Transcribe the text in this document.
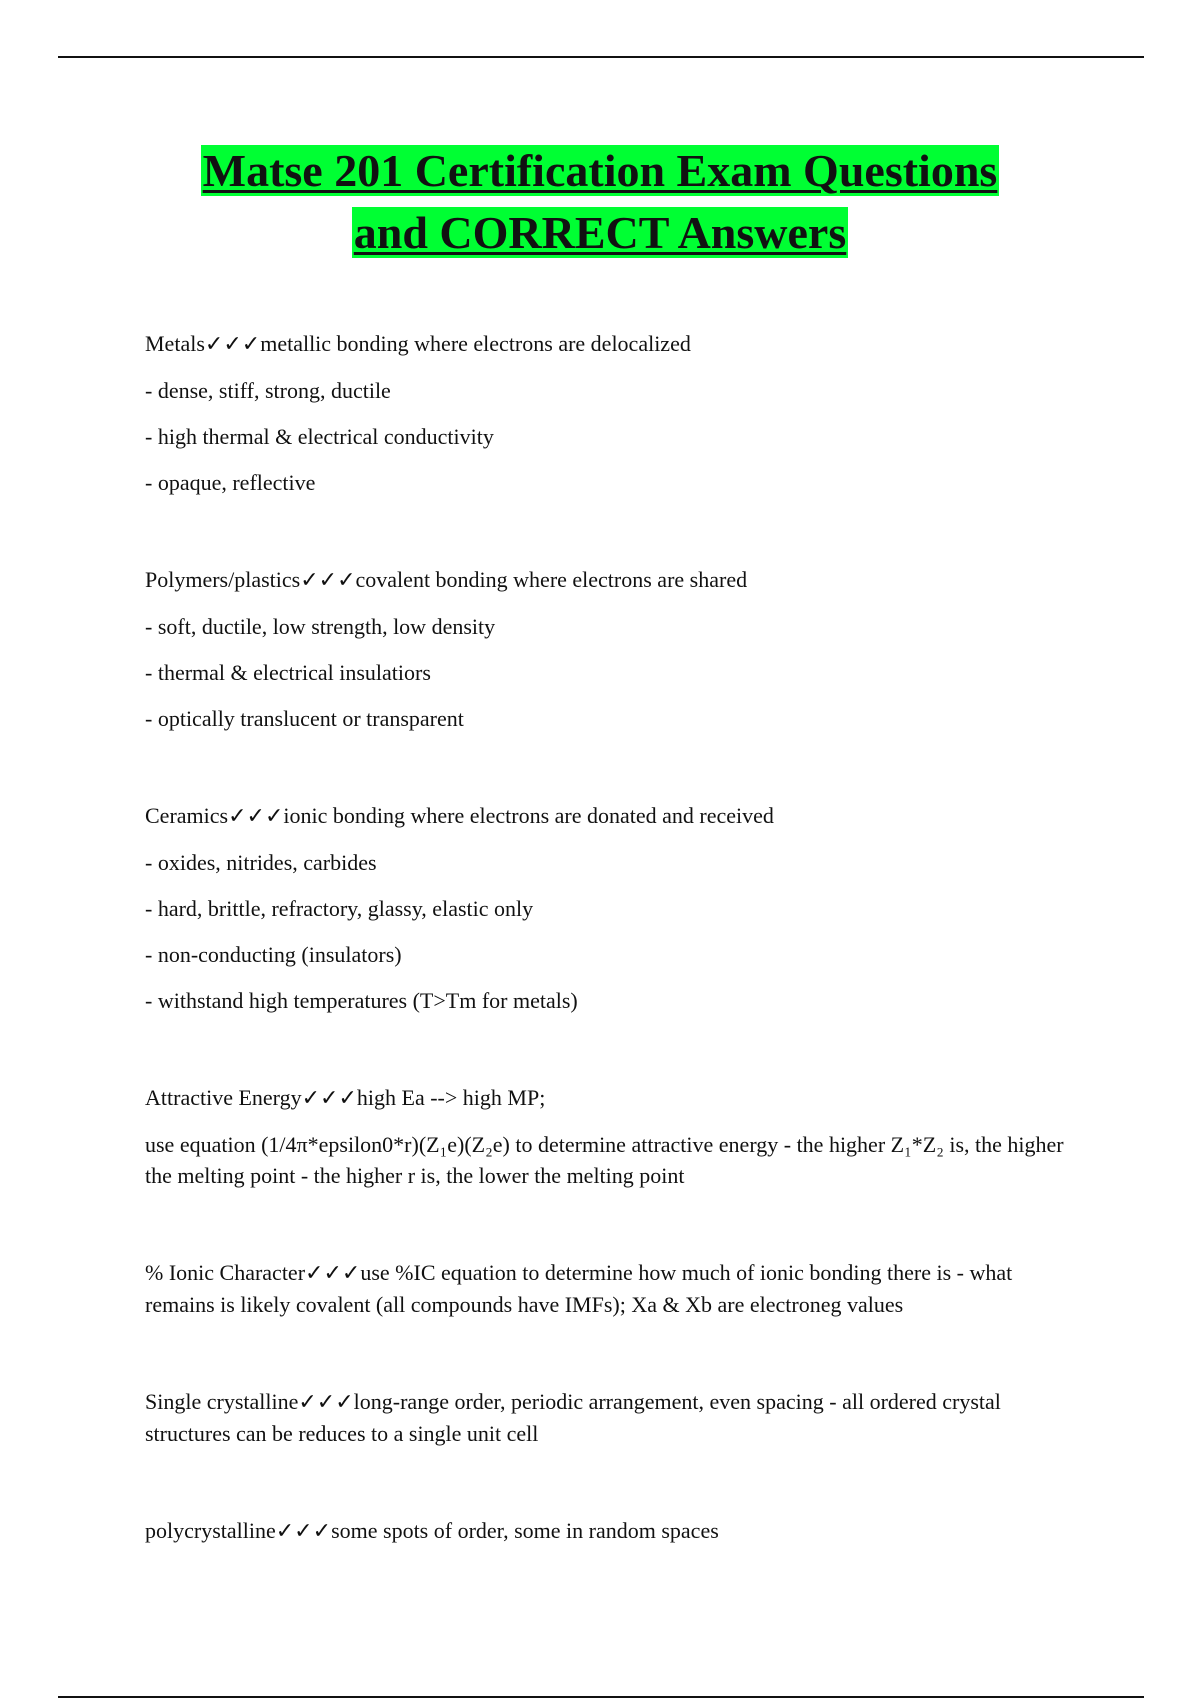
Matse 201 Certification Exam Questions
and CORRECT Answers

Metals✓✓✓metallic bonding where electrons are delocalized

- dense, stiff, strong, ductile

- high thermal & electrical conductivity

- opaque, reflective

Polymers/plastics✓✓✓covalent bonding where electrons are shared

- soft, ductile, low strength, low density

- thermal & electrical insulatiors

- optically translucent or transparent

Ceramics✓✓✓ionic bonding where electrons are donated and received

- oxides, nitrides, carbides

- hard, brittle, refractory, glassy, elastic only

- non-conducting (insulators)

- withstand high temperatures (T>Tm for metals)

Attractive Energy✓✓✓high Ea --> high MP;

use equation (1/4π*epsilon0*r)(Z₁e)(Z₂e) to determine attractive energy - the higher Z₁*Z₂ is, the higher the melting point - the higher r is, the lower the melting point

% Ionic Character✓✓✓use %IC equation to determine how much of ionic bonding there is - what remains is likely covalent (all compounds have IMFs); Xa & Xb are electroneg values

Single crystalline✓✓✓long-range order, periodic arrangement, even spacing - all ordered crystal structures can be reduces to a single unit cell

polycrystalline✓✓✓some spots of order, some in random spaces
